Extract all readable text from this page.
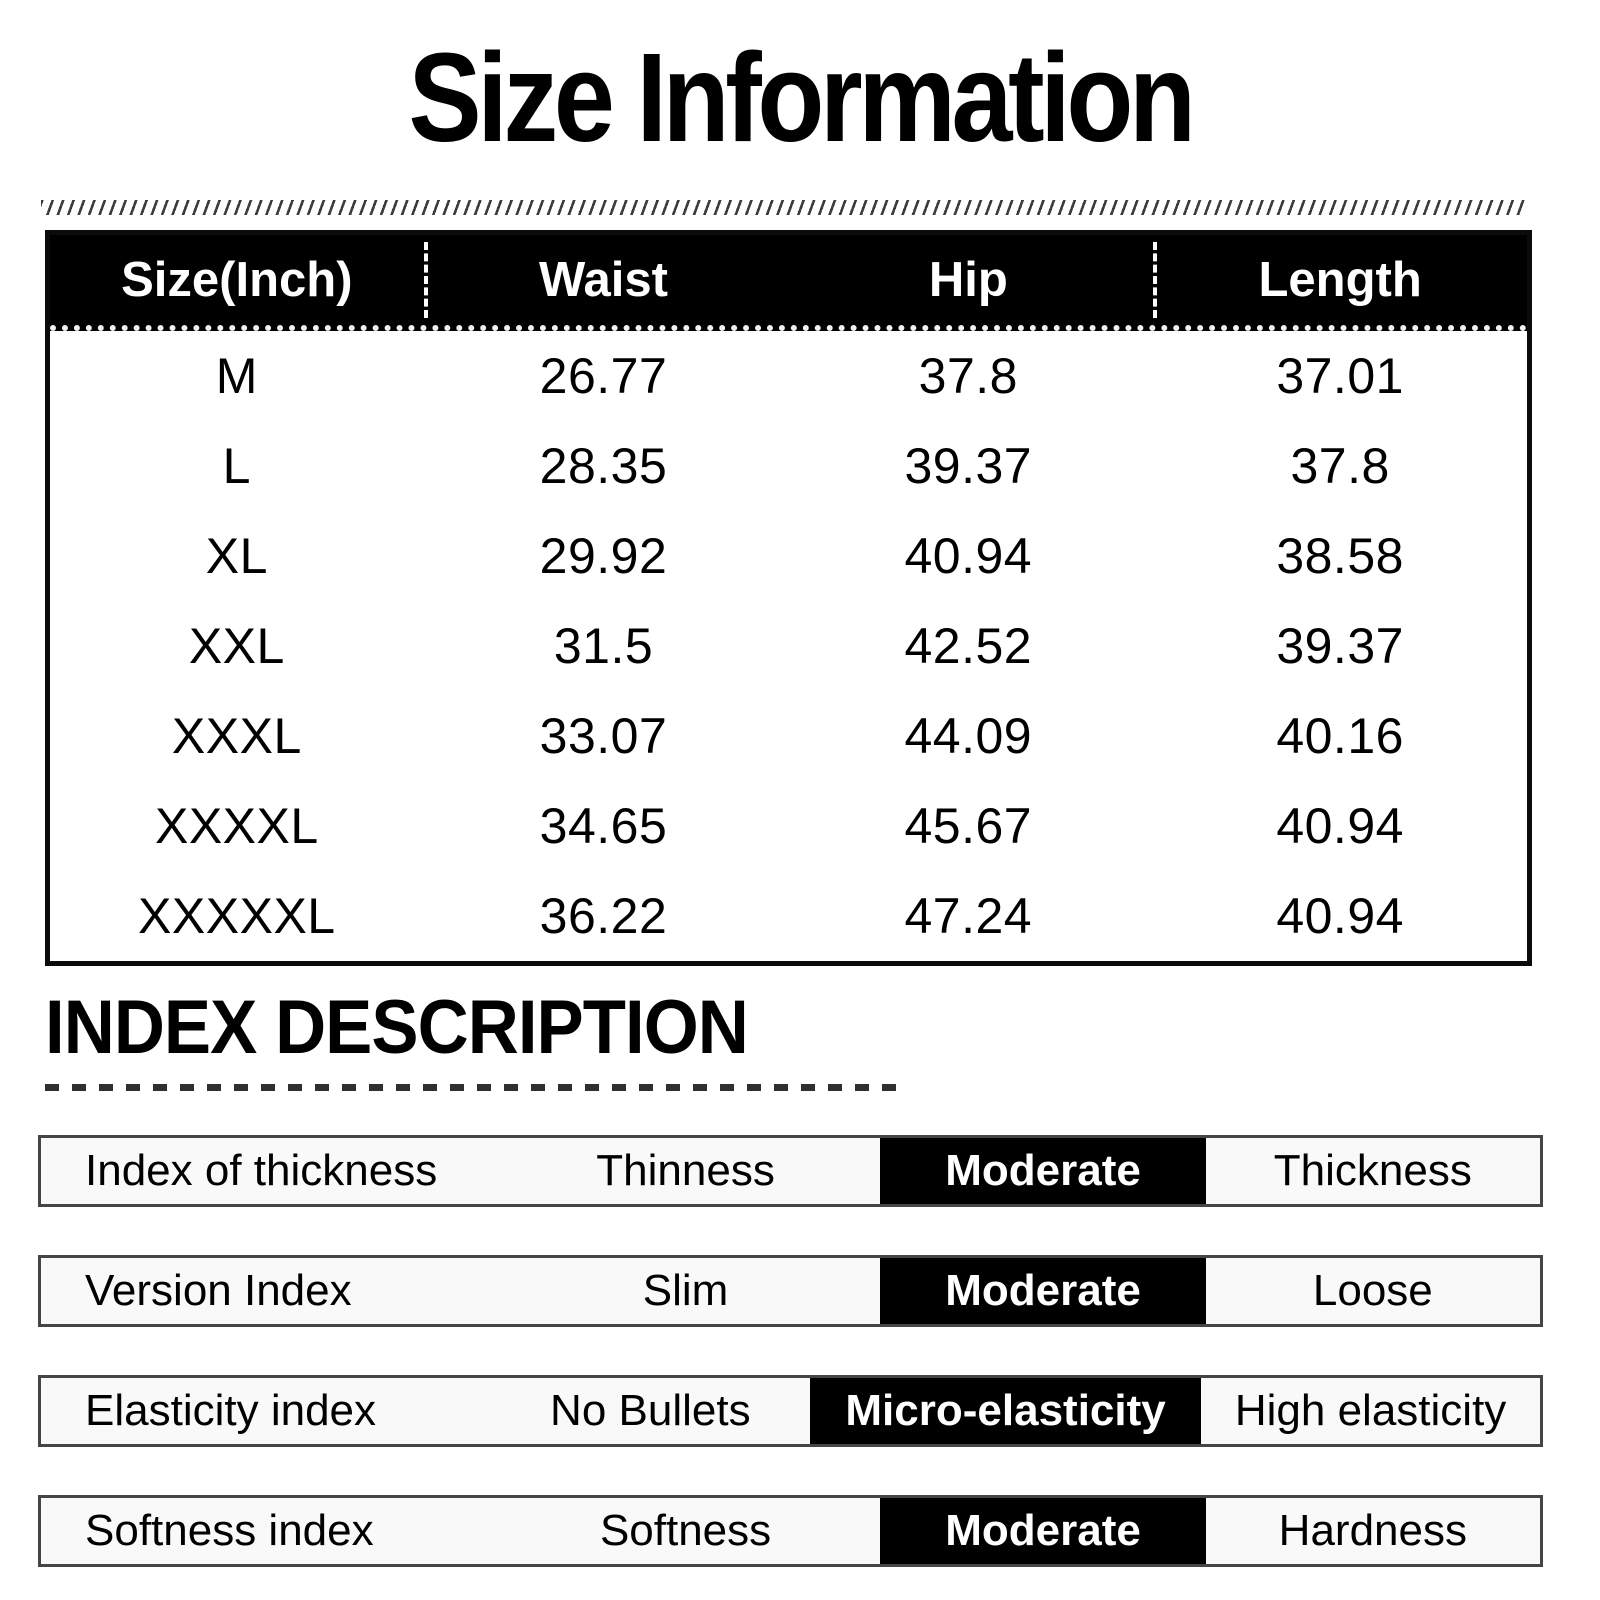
Size Information
Size(Inch)	Waist	Hip	Length
M	26.77	37.8	37.01
L	28.35	39.37	37.8
XL	29.92	40.94	38.58
XXL	31.5	42.52	39.37
XXXL	33.07	44.09	40.16
XXXXL	34.65	45.67	40.94
XXXXXL	36.22	47.24	40.94
INDEX DESCRIPTION
Index of thickness	Thinness	Moderate	Thickness
Version Index	Slim	Moderate	Loose
Elasticity index	No Bullets	Micro-elasticity	High elasticity
Softness index	Softness	Moderate	Hardness
